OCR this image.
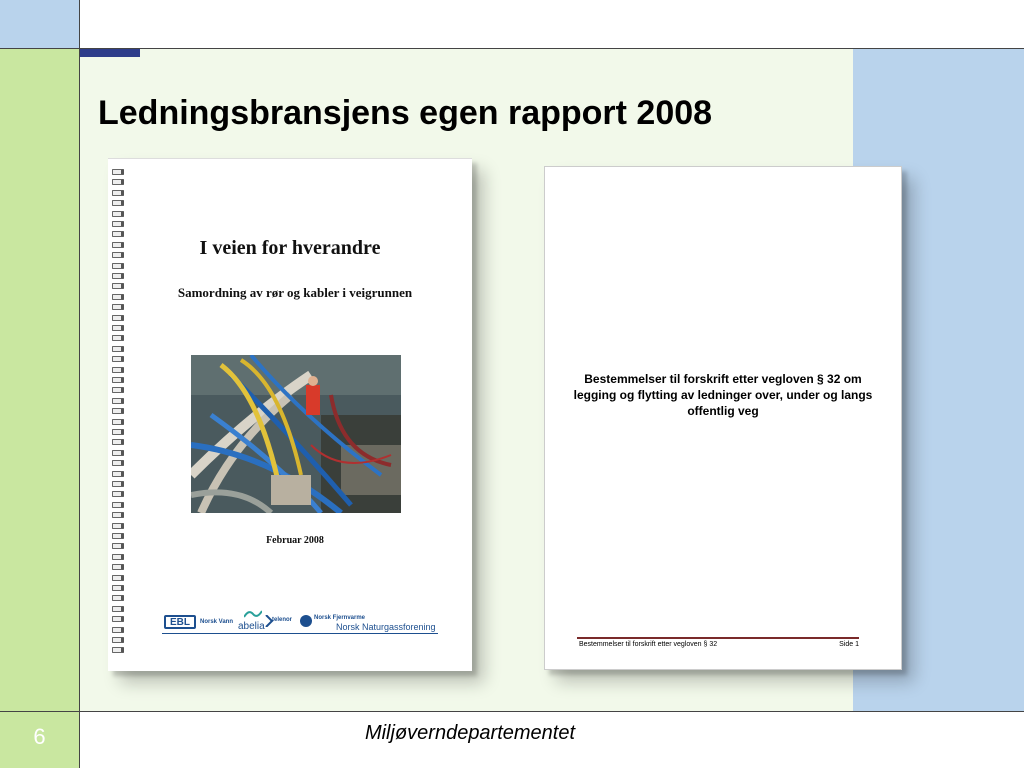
Ledningsbransjens egen rapport 2008
I veien for hverandre
Samordning av rør og kabler i veigrunnen
Februar 2008
EBL	Norsk Vann abelia
telenor	Norsk Fjernvarme
Norsk Naturgassforening
Bestemmelser til forskrift etter vegloven § 32 om legging og flytting av ledninger over, under og langs offentlig veg
Bestemmelser til forskrift etter vegloven § 32	Side 1
6	Miljøverndepartementet
